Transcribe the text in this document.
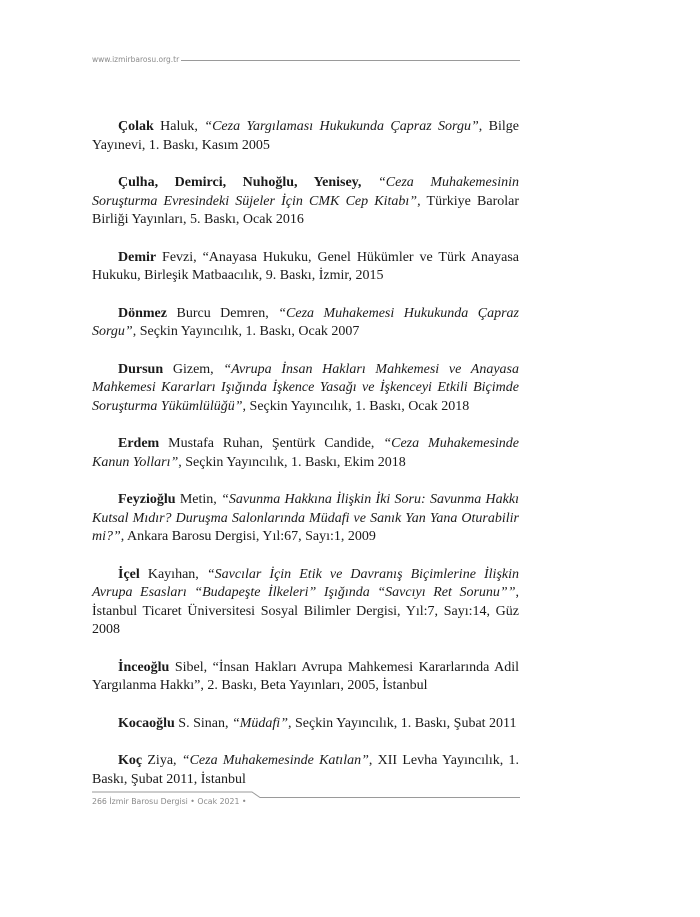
www.izmirbarosu.org.tr

Çolak Haluk, “Ceza Yargılaması Hukukunda Çapraz Sorgu”, Bilge Yayınevi, 1. Baskı, Kasım 2005

Çulha, Demirci, Nuhoğlu, Yenisey, “Ceza Muhakemesinin Soruşturma Evresindeki Süjeler İçin CMK Cep Kitabı”, Türkiye Barolar Birliği Yayınları, 5. Baskı, Ocak 2016

Demir Fevzi, “Anayasa Hukuku, Genel Hükümler ve Türk Anayasa Hukuku, Birleşik Matbaacılık, 9. Baskı, İzmir, 2015

Dönmez Burcu Demren, “Ceza Muhakemesi Hukukunda Çapraz Sorgu”, Seçkin Yayıncılık, 1. Baskı, Ocak 2007

Dursun Gizem, “Avrupa İnsan Hakları Mahkemesi ve Anayasa Mahkemesi Kararları Işığında İşkence Yasağı ve İşkenceyi Etkili Biçimde Soruşturma Yükümlülüğü”, Seçkin Yayıncılık, 1. Baskı, Ocak 2018

Erdem Mustafa Ruhan, Şentürk Candide, “Ceza Muhakemesinde Kanun Yolları”, Seçkin Yayıncılık, 1. Baskı, Ekim 2018

Feyzioğlu Metin, “Savunma Hakkına İlişkin İki Soru: Savunma Hakkı Kutsal Mıdır? Duruşma Salonlarında Müdafi ve Sanık Yan Yana Oturabilir mi?”, Ankara Barosu Dergisi, Yıl:67, Sayı:1, 2009

İçel Kayıhan, “Savcılar İçin Etik ve Davranış Biçimlerine İlişkin Avrupa Esasları “Budapeşte İlkeleri” Işığında “Savcıyı Ret Sorunu””, İstanbul Ticaret Üniversitesi Sosyal Bilimler Dergisi, Yıl:7, Sayı:14, Güz 2008

İnceoğlu Sibel, “İnsan Hakları Avrupa Mahkemesi Kararlarında Adil Yargılanma Hakkı”, 2. Baskı, Beta Yayınları, 2005, İstanbul

Kocaoğlu S. Sinan, “Müdafi”, Seçkin Yayıncılık, 1. Baskı, Şubat 2011

Koç Ziya, “Ceza Muhakemesinde Katılan”, XII Levha Yayıncılık, 1. Baskı, Şubat 2011, İstanbul

266 İzmir Barosu Dergisi • Ocak 2021 •
